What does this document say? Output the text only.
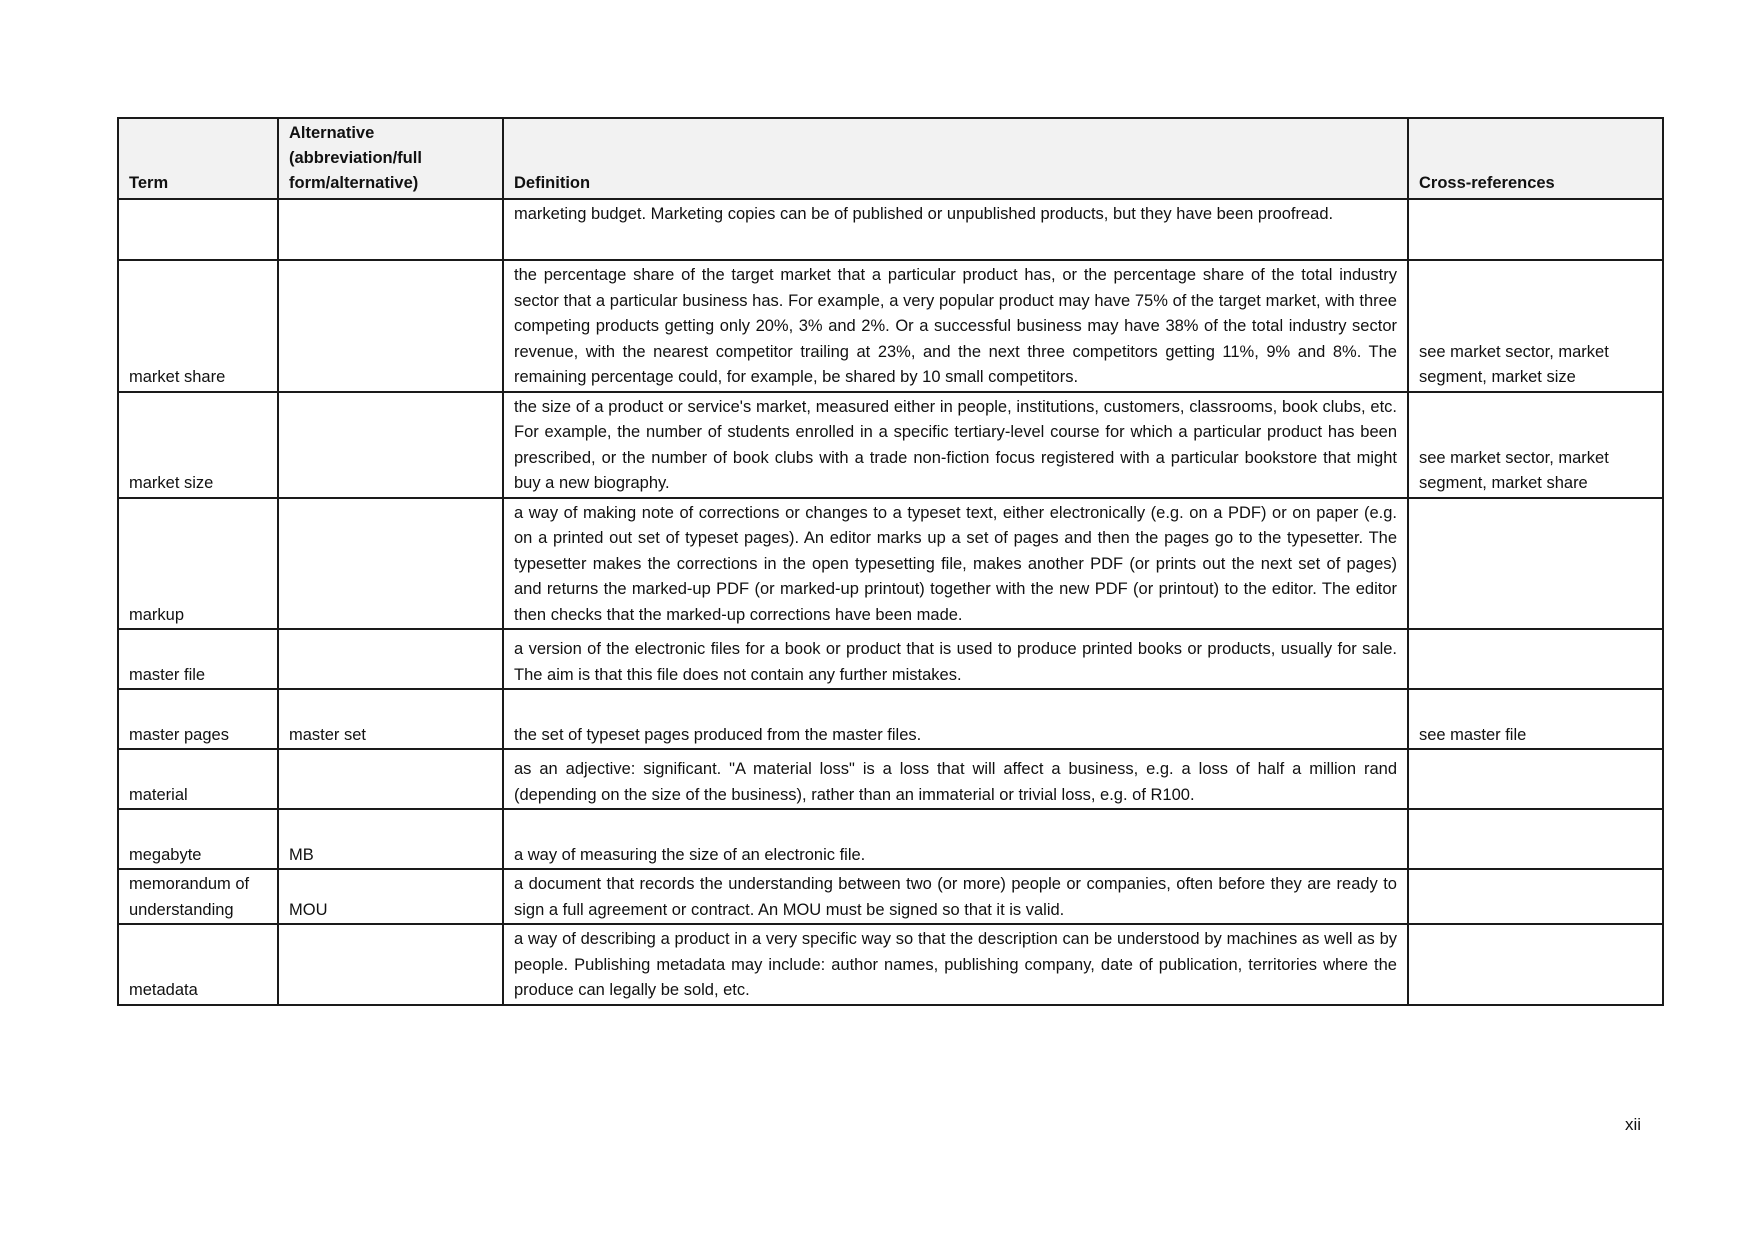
Term	Alternative (abbreviation/full form/alternative)	Definition	Cross-references
		marketing budget. Marketing copies can be of published or unpublished products, but they have been proofread.	
market share		the percentage share of the target market that a particular product has, or the percentage share of the total industry sector that a particular business has. For example, a very popular product may have 75% of the target market, with three competing products getting only 20%, 3% and 2%. Or a successful business may have 38% of the total industry sector revenue, with the nearest competitor trailing at 23%, and the next three competitors getting 11%, 9% and 8%. The remaining percentage could, for example, be shared by 10 small competitors.	see market sector, market segment, market size
market size		the size of a product or service's market, measured either in people, institutions, customers, classrooms, book clubs, etc. For example, the number of students enrolled in a specific tertiary-level course for which a particular product has been prescribed, or the number of book clubs with a trade non-fiction focus registered with a particular bookstore that might buy a new biography.	see market sector, market segment, market share
markup		a way of making note of corrections or changes to a typeset text, either electronically (e.g. on a PDF) or on paper (e.g. on a printed out set of typeset pages). An editor marks up a set of pages and then the pages go to the typesetter. The typesetter makes the corrections in the open typesetting file, makes another PDF (or prints out the next set of pages) and returns the marked-up PDF (or marked-up printout) together with the new PDF (or printout) to the editor. The editor then checks that the marked-up corrections have been made.	
master file		a version of the electronic files for a book or product that is used to produce printed books or products, usually for sale. The aim is that this file does not contain any further mistakes.	
master pages	master set	the set of typeset pages produced from the master files.	see master file
material		as an adjective: significant. "A material loss" is a loss that will affect a business, e.g. a loss of half a million rand (depending on the size of the business), rather than an immaterial or trivial loss, e.g. of R100.	
megabyte	MB	a way of measuring the size of an electronic file.	
memorandum of understanding	MOU	a document that records the understanding between two (or more) people or companies, often before they are ready to sign a full agreement or contract. An MOU must be signed so that it is valid.	
metadata		a way of describing a product in a very specific way so that the description can be understood by machines as well as by people. Publishing metadata may include: author names, publishing company, date of publication, territories where the produce can legally be sold, etc.	
xii
